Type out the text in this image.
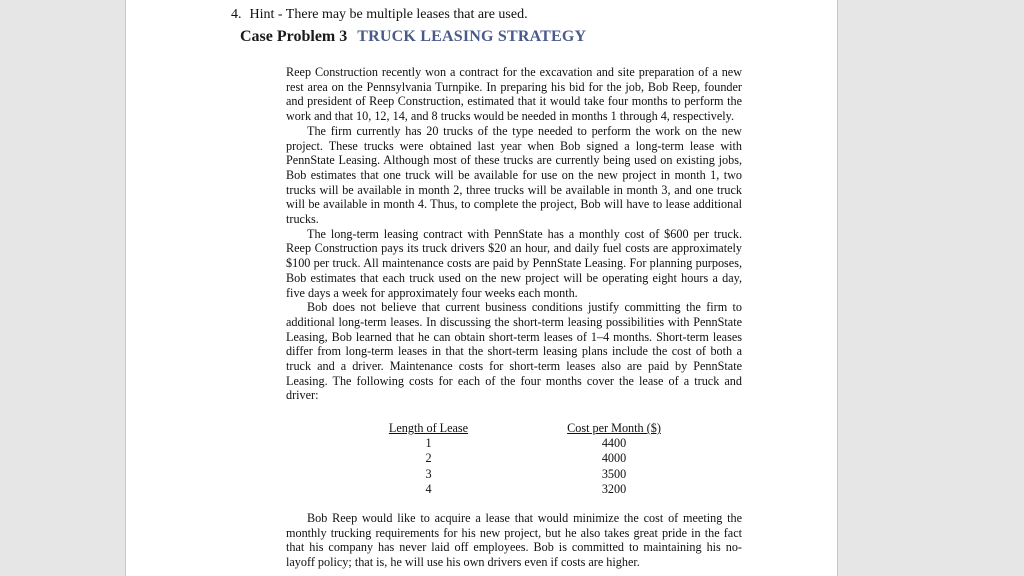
4. Hint - There may be multiple leases that are used.
Case Problem 3 TRUCK LEASING STRATEGY

Reep Construction recently won a contract for the excavation and site preparation of a new rest area on the Pennsylvania Turnpike. In preparing his bid for the job, Bob Reep, founder and president of Reep Construction, estimated that it would take four months to perform the work and that 10, 12, 14, and 8 trucks would be needed in months 1 through 4, respectively.

The firm currently has 20 trucks of the type needed to perform the work on the new project. These trucks were obtained last year when Bob signed a long-term lease with PennState Leasing. Although most of these trucks are currently being used on existing jobs, Bob estimates that one truck will be available for use on the new project in month 1, two trucks will be available in month 2, three trucks will be available in month 3, and one truck will be available in month 4. Thus, to complete the project, Bob will have to lease additional trucks.

The long-term leasing contract with PennState has a monthly cost of $600 per truck. Reep Construction pays its truck drivers $20 an hour, and daily fuel costs are approximately $100 per truck. All maintenance costs are paid by PennState Leasing. For planning purposes, Bob estimates that each truck used on the new project will be operating eight hours a day, five days a week for approximately four weeks each month.

Bob does not believe that current business conditions justify committing the firm to additional long-term leases. In discussing the short-term leasing possibilities with PennState Leasing, Bob learned that he can obtain short-term leases of 1–4 months. Short-term leases differ from long-term leases in that the short-term leasing plans include the cost of both a truck and a driver. Maintenance costs for short-term leases also are paid by PennState Leasing. The following costs for each of the four months cover the lease of a truck and driver:

Length of Lease
1
2
3
4
Cost per Month ($)
4400
4000
3500
3200

Bob Reep would like to acquire a lease that would minimize the cost of meeting the monthly trucking requirements for his new project, but he also takes great pride in the fact that his company has never laid off employees. Bob is committed to maintaining his no-layoff policy; that is, he will use his own drivers even if costs are higher.
